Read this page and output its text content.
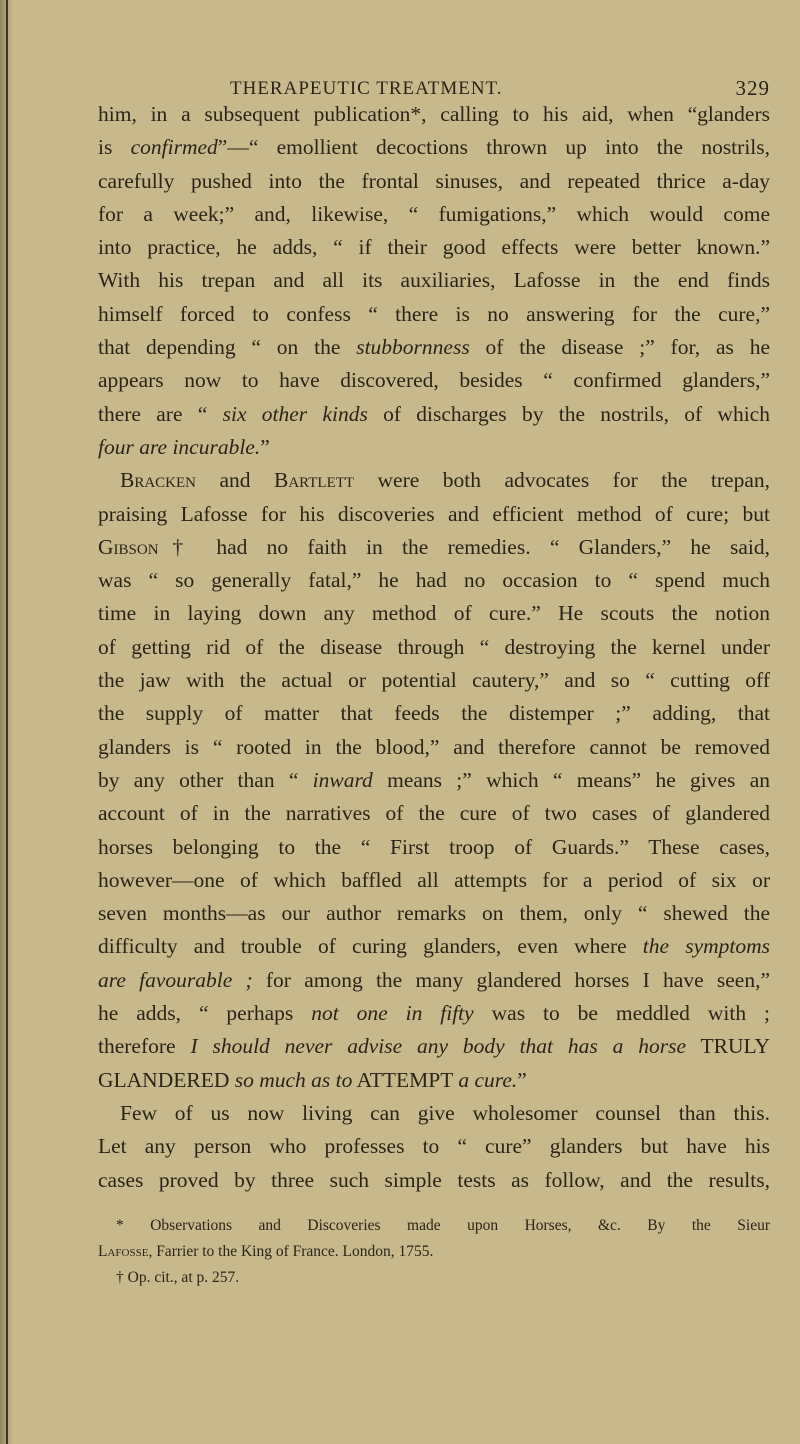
THERAPEUTIC TREATMENT.	329
him, in a subsequent publication*, calling to his aid, when “glanders
is confirmed”—“ emollient decoctions thrown up into the nostrils,
carefully pushed into the frontal sinuses, and repeated thrice a-day
for a week;” and, likewise, “ fumigations,” which would come
into practice, he adds, “ if their good effects were better known.”
With his trepan and all its auxiliaries, Lafosse in the end finds
himself forced to confess “ there is no answering for the cure,”
that depending “ on the stubbornness of the disease ;” for, as he
appears now to have discovered, besides “ confirmed glanders,”
there are “ six other kinds of discharges by the nostrils, of which
four are incurable.”
Bracken and Bartlett were both advocates for the trepan,
praising Lafosse for his discoveries and efficient method of cure; but
Gibson† had no faith in the remedies. “ Glanders,” he said,
was “ so generally fatal,” he had no occasion to “ spend much
time in laying down any method of cure.” He scouts the notion
of getting rid of the disease through “ destroying the kernel under
the jaw with the actual or potential cautery,” and so “ cutting off
the supply of matter that feeds the distemper ;” adding, that
glanders is “ rooted in the blood,” and therefore cannot be removed
by any other than “ inward means ;” which “ means” he gives an
account of in the narratives of the cure of two cases of glandered
horses belonging to the “ First troop of Guards.” These cases,
however—one of which baffled all attempts for a period of six or
seven months—as our author remarks on them, only “ shewed the
difficulty and trouble of curing glanders, even where the symptoms
are favourable ; for among the many glandered horses I have seen,”
he adds, “ perhaps not one in fifty was to be meddled with ;
therefore I should never advise any body that has a horse TRULY
GLANDERED so much as to ATTEMPT a cure.”
Few of us now living can give wholesomer counsel than this.
Let any person who professes to “ cure” glanders but have his
cases proved by three such simple tests as follow, and the results,
* Observations and Discoveries made upon Horses, &c. By the Sieur
Lafosse, Farrier to the King of France. London, 1755.
† Op. cit., at p. 257.
